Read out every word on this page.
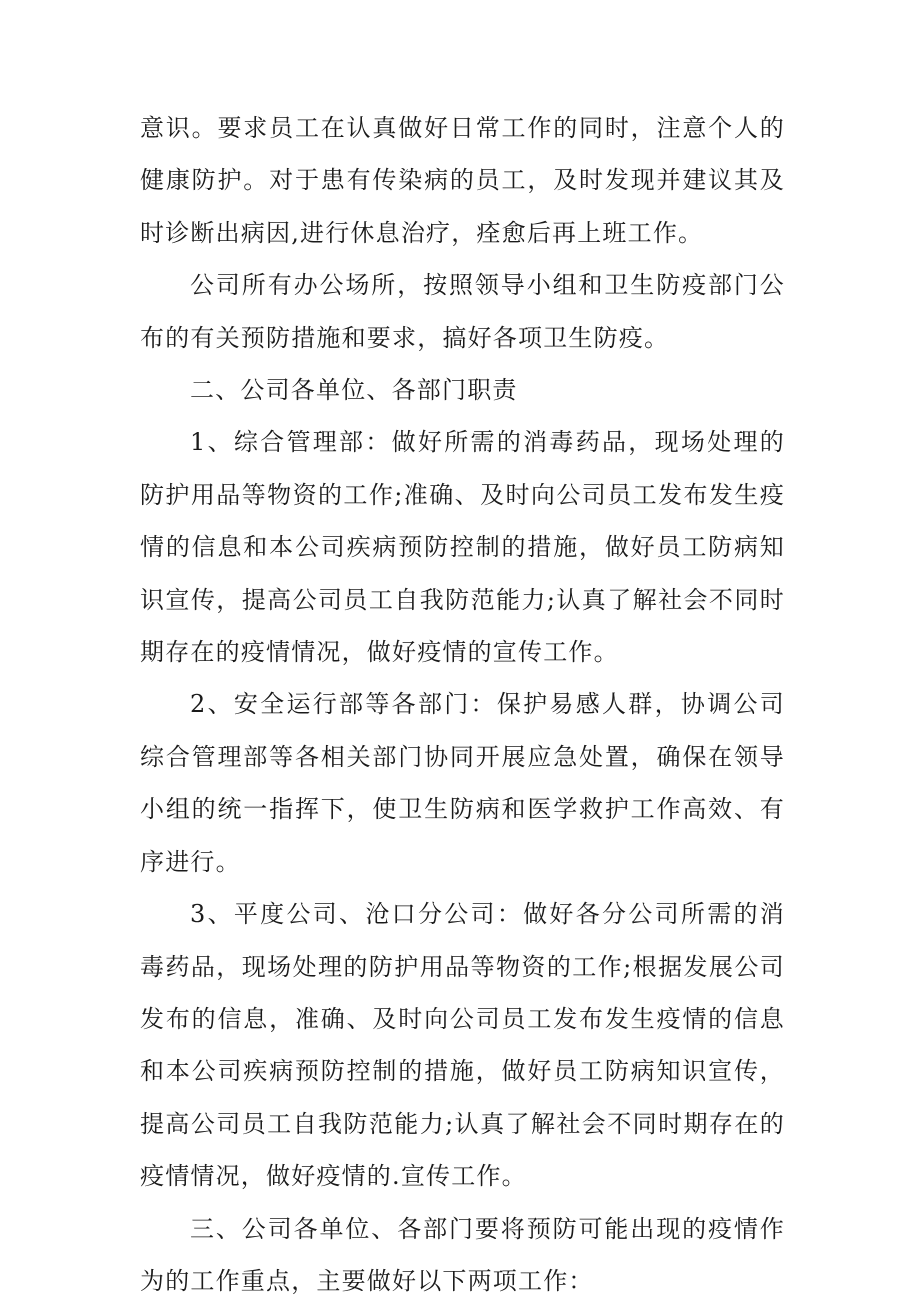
意识。要求员工在认真做好日常工作的同时，注意个人的健康防护。对于患有传染病的员工，及时发现并建议其及时诊断出病因,进行休息治疗，痊愈后再上班工作。

公司所有办公场所，按照领导小组和卫生防疫部门公布的有关预防措施和要求，搞好各项卫生防疫。

二、公司各单位、各部门职责

1、综合管理部：做好所需的消毒药品，现场处理的防护用品等物资的工作;准确、及时向公司员工发布发生疫情的信息和本公司疾病预防控制的措施，做好员工防病知识宣传，提高公司员工自我防范能力;认真了解社会不同时期存在的疫情情况，做好疫情的宣传工作。

2、安全运行部等各部门：保护易感人群，协调公司综合管理部等各相关部门协同开展应急处置，确保在领导小组的统一指挥下，使卫生防病和医学救护工作高效、有序进行。

3、平度公司、沧口分公司：做好各分公司所需的消毒药品，现场处理的防护用品等物资的工作;根据发展公司发布的信息，准确、及时向公司员工发布发生疫情的信息和本公司疾病预防控制的措施，做好员工防病知识宣传，提高公司员工自我防范能力;认真了解社会不同时期存在的疫情情况，做好疫情的.宣传工作。

三、公司各单位、各部门要将预防可能出现的疫情作为的工作重点，主要做好以下两项工作：
